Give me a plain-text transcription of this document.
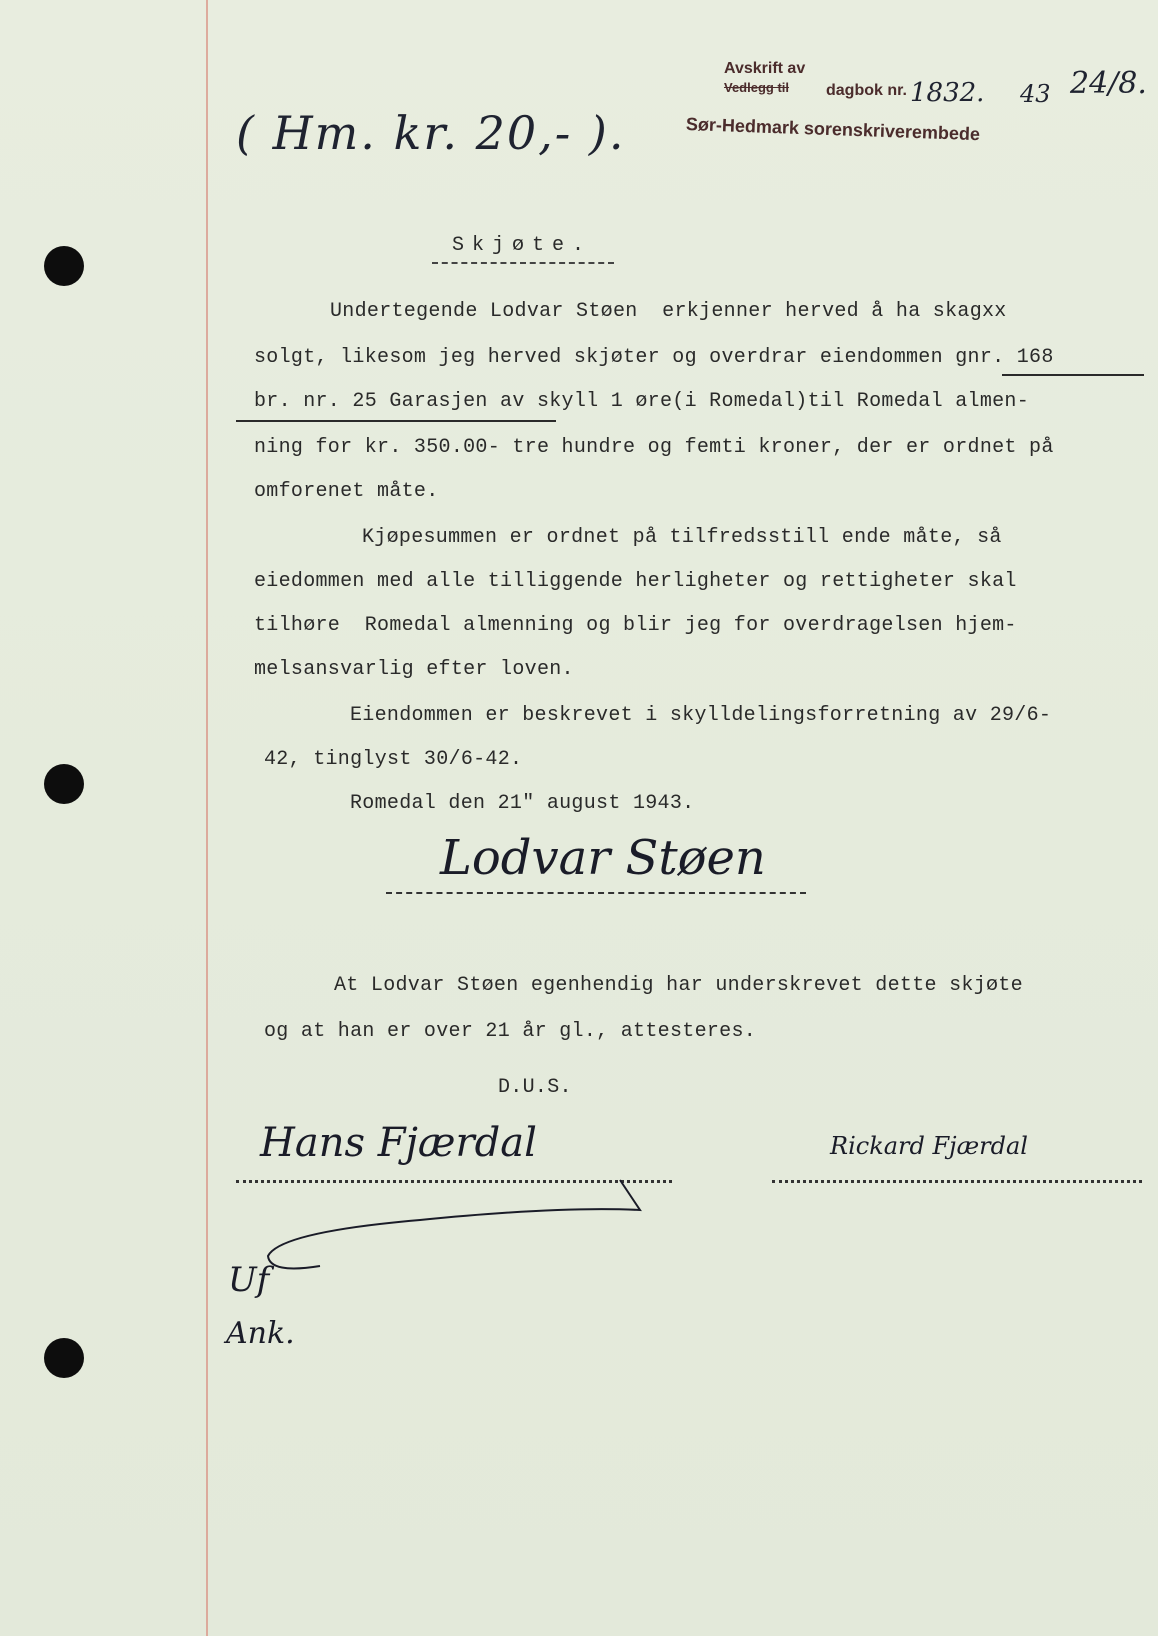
Avskrift av
Vedlegg til dagbok nr. 1832. 43 24/8.
Sør-Hedmark sorenskriverembede
( Hm. kr. 20,- ).
Skjøte.
Undertegende Lodvar Støen  erkjenner herved å ha skagxx
solgt, likesom jeg herved skjøter og overdrar eiendommen gnr. 168
br. nr. 25 Garasjen av skyll 1 øre(i Romedal)til Romedal almen-
ning for kr. 350.00- tre hundre og femti kroner, der er ordnet på
omforenet måte.
Kjøpesummen er ordnet på tilfredsstill ende måte, så
eiedommen med alle tilliggende herligheter og rettigheter skal
tilhøre  Romedal almenning og blir jeg for overdragelsen hjem-
melsansvarlig efter loven.
Eiendommen er beskrevet i skylldelingsforretning av 29/6-
42, tinglyst 30/6-42.
Romedal den 21" august 1943.
Lodvar Støen
At Lodvar Støen egenhendig har underskrevet dette skjøte
og at han er over 21 år gl., attesteres.
D.U.S.
Hans Fjærdal	Rickard Fjærdal
Uf
Ank.
